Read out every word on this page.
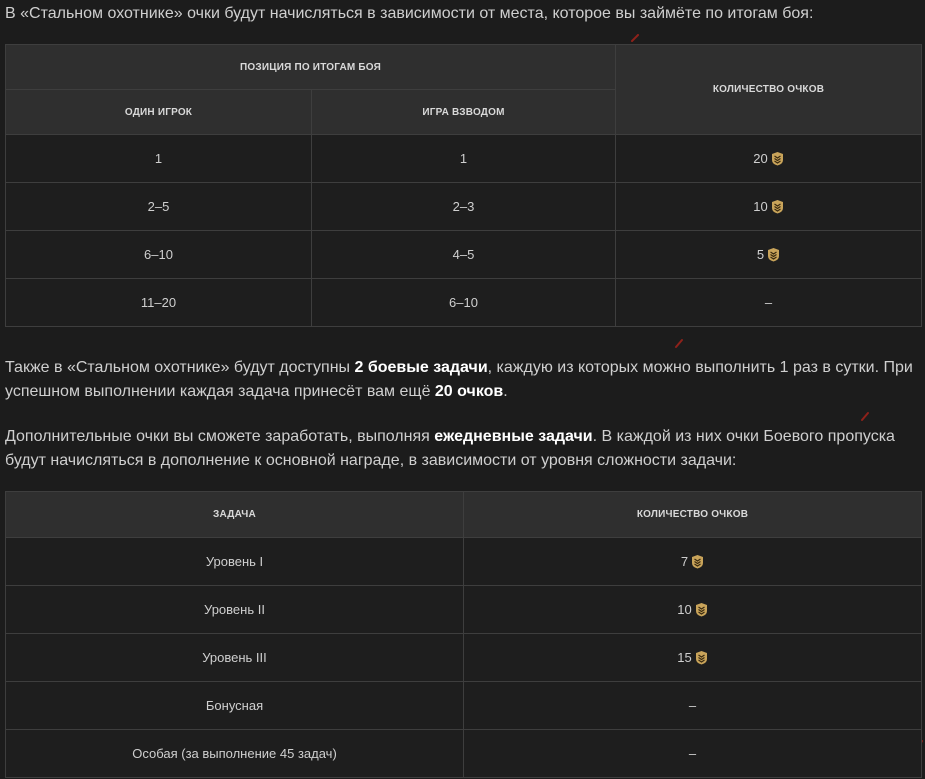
В «Стальном охотнике» очки будут начисляться в зависимости от места, которое вы займёте по итогам боя:

ПОЗИЦИЯ ПО ИТОГАМ БОЯ		КОЛИЧЕСТВО ОЧКОВ
ОДИН ИГРОК	ИГРА ВЗВОДОМ	
1	1	20

2–5	2–3	10

6–10	4–5	5

11–20	6–10	–

Также в «Стальном охотнике» будут доступны 2 боевые задачи, каждую из которых можно выполнить 1 раз в сутки. При успешном выполнении каждая задача принесёт вам ещё 20 очков.

Дополнительные очки вы сможете заработать, выполняя ежедневные задачи. В каждой из них очки Боевого пропуска будут начисляться в дополнение к основной награде, в зависимости от уровня сложности задачи:

ЗАДАЧА	КОЛИЧЕСТВО ОЧКОВ
Уровень I	7

Уровень II	10

Уровень III	15

Бонусная	–
Особая (за выполнение 45 задач)	–
